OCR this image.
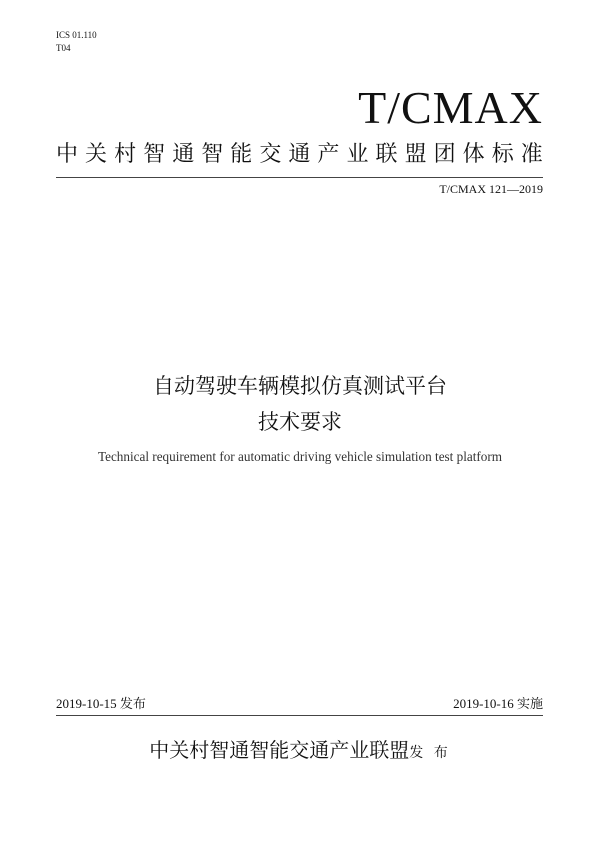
ICS 01.110
T04
T/CMAX
中 关 村 智 通 智 能 交 通 产 业 联 盟 团 体 标 准
T/CMAX 121—2019
自动驾驶车辆模拟仿真测试平台
技术要求
Technical requirement for automatic driving vehicle simulation test platform
2019-10-15 发布	2019-10-16 实施
中关村智通智能交通产业联盟发 布
